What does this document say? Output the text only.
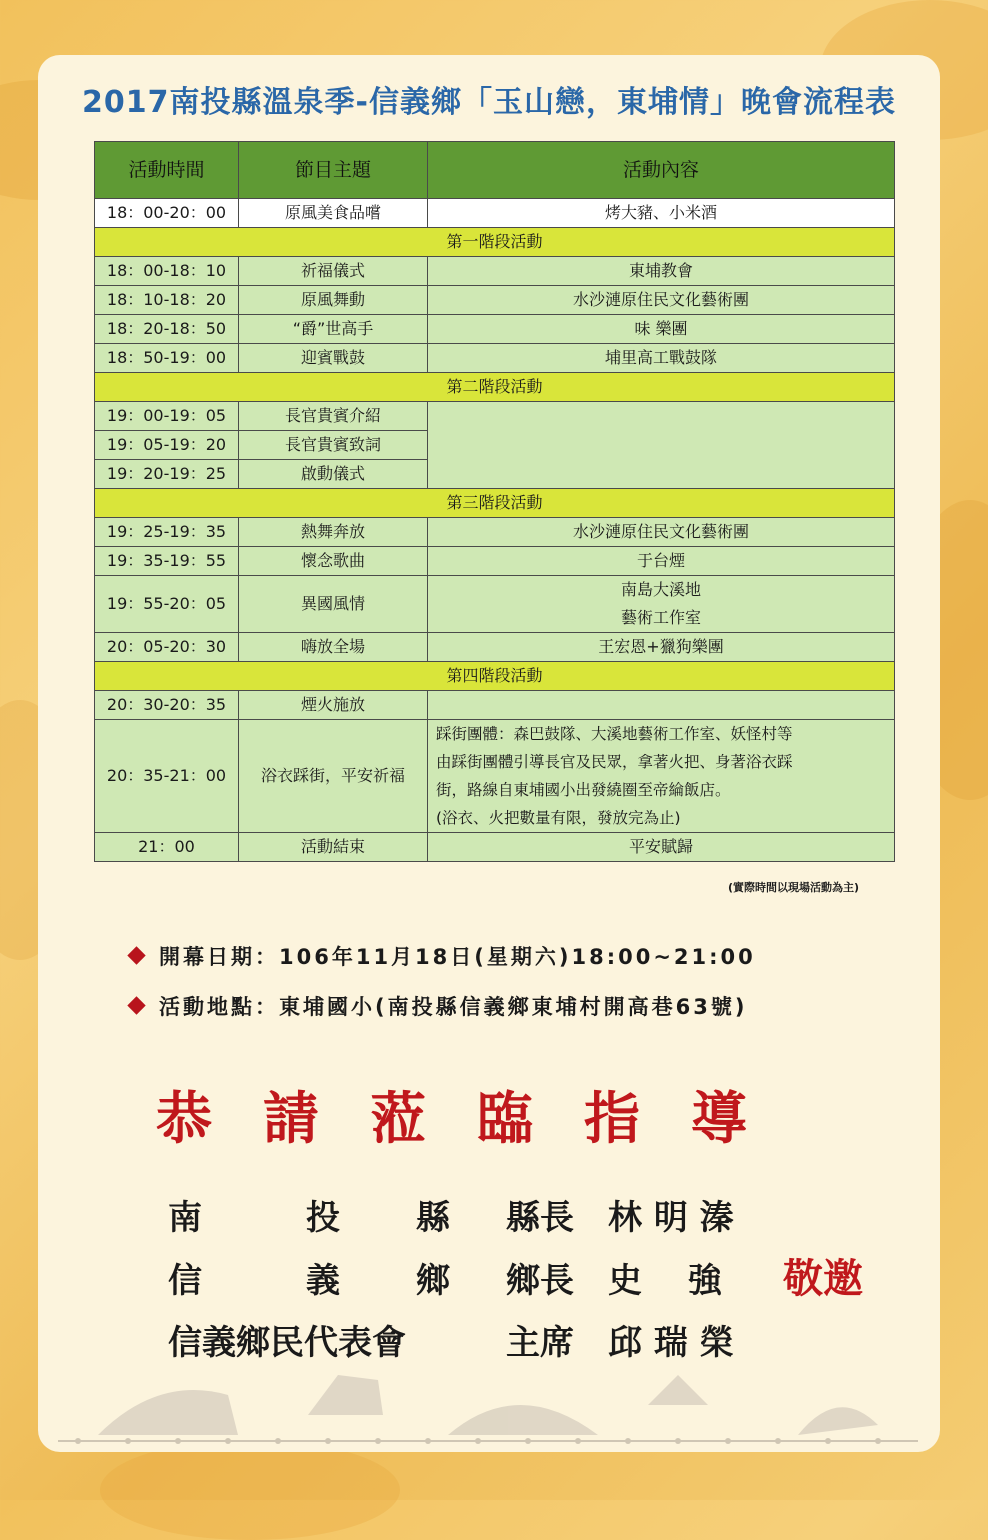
2017南投縣溫泉季-信義鄉「玉山戀，東埔情」晚會流程表
活動時間	節目主題	活動內容
18：00-20：00	原風美食品嚐	烤大豬、小米酒
第一階段活動		
18：00-18：10	祈福儀式	東埔教會
18：10-18：20	原風舞動	水沙漣原住民文化藝術團
18：20-18：50	“爵”世高手	味 樂團
18：50-19：00	迎賓戰鼓	埔里高工戰鼓隊
第二階段活動		
19：00-19：05	長官貴賓介紹	
19：05-19：20	長官貴賓致詞	
19：20-19：25	啟動儀式	
第三階段活動		
19：25-19：35	熱舞奔放	水沙漣原住民文化藝術團
19：35-19：55	懷念歌曲	于台煙
19：55-20：05	異國風情	南島大溪地
藝術工作室

20：05-20：30	嗨放全場	王宏恩+獵狗樂團
第四階段活動		
20：30-20：35	煙火施放	
20：35-21：00	浴衣踩街，平安祈福	踩街團體：森巴鼓隊、大溪地藝術工作室、妖怪村等
由踩街團體引導長官及民眾，拿著火把、身著浴衣踩
街，路線自東埔國小出發繞圈至帝綸飯店。
(浴衣、火把數量有限，發放完為止)

21：00	活動結束	平安賦歸
(實際時間以現場活動為主)
開幕日期：106年11月18日(星期六)18:00~21:00
活動地點：東埔國小(南投縣信義鄉東埔村開高巷63號)
恭 請 蒞 臨 指 導
南	投 縣 縣長 林 明 溱
信	義 鄉 鄉長 史　 強
信義鄉民代表會	主席 邱 瑞 榮
敬邀
